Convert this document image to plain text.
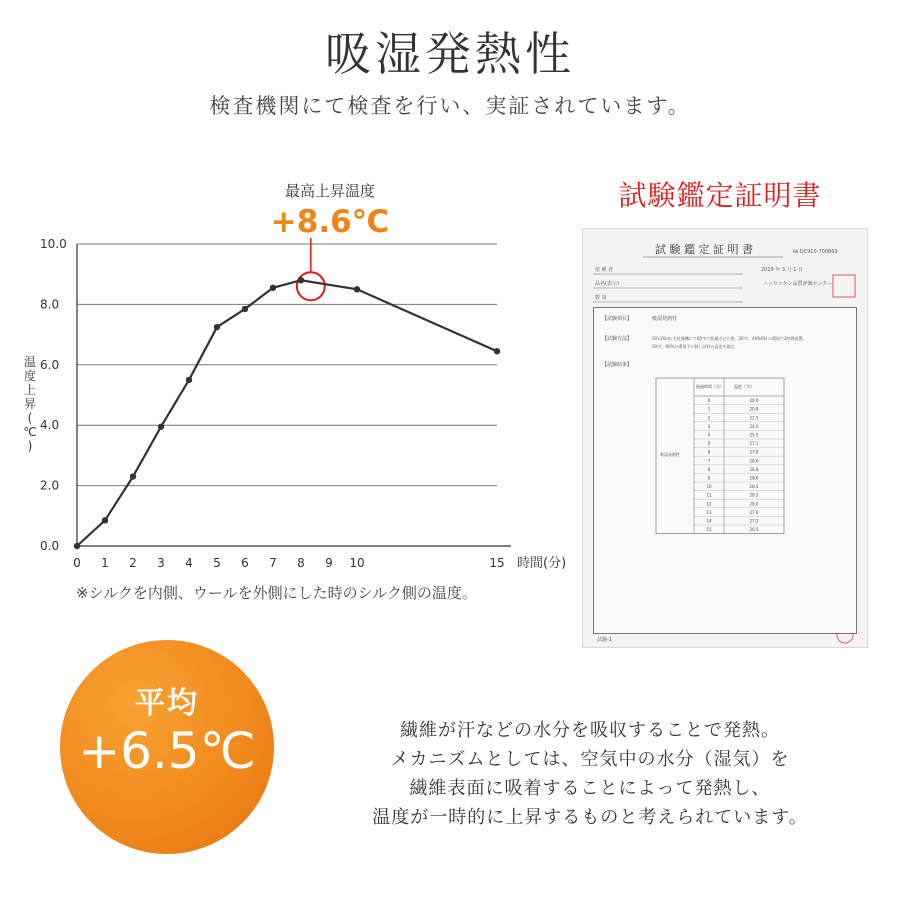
吸湿発熱性
検査機関にて検査を行い、実証されています。
最高上昇温度
+8.6℃
0.0
2.0
4.0
6.0
8.0
10.0
0 1 2 3 4 5 6 7 8 9 10	15 時間(分)
温度上昇( ℃ )
試験鑑定証明書
試 験 鑑 定 証 明 書	№ DC910-700869
依 頼 者
品名(表示)
数 量
2019 年 3 月 1 日
ニッセンケン品質評価センター
試験-1
【試験項目】	吸湿発熱性
【試験方法】	20×20cm を乾燥機にて60℃で乾燥させた後、20℃、40%RH の環境で2時間放置。
20℃、90%の環境下に移し試料の温度を測定。
【試験結果】
経過時間（分）	温度（℃）
吸湿発熱性
0	20.0
1	20.8
2	22.5
3	24.0
4	25.5
5	27.1
6	27.8
7	28.6
8	28.8
9	28.6
10	28.5
11	28.3
12	28.0
13	27.6
14	27.2
15	26.5
※シルクを内側、ウールを外側にした時のシルク側の温度。
平均
+6.5℃	繊維が汗などの水分を吸収することで発熱。
メカニズムとしては、空気中の水分（湿気）を
繊維表面に吸着することによって発熱し、
温度が一時的に上昇するものと考えられています。
